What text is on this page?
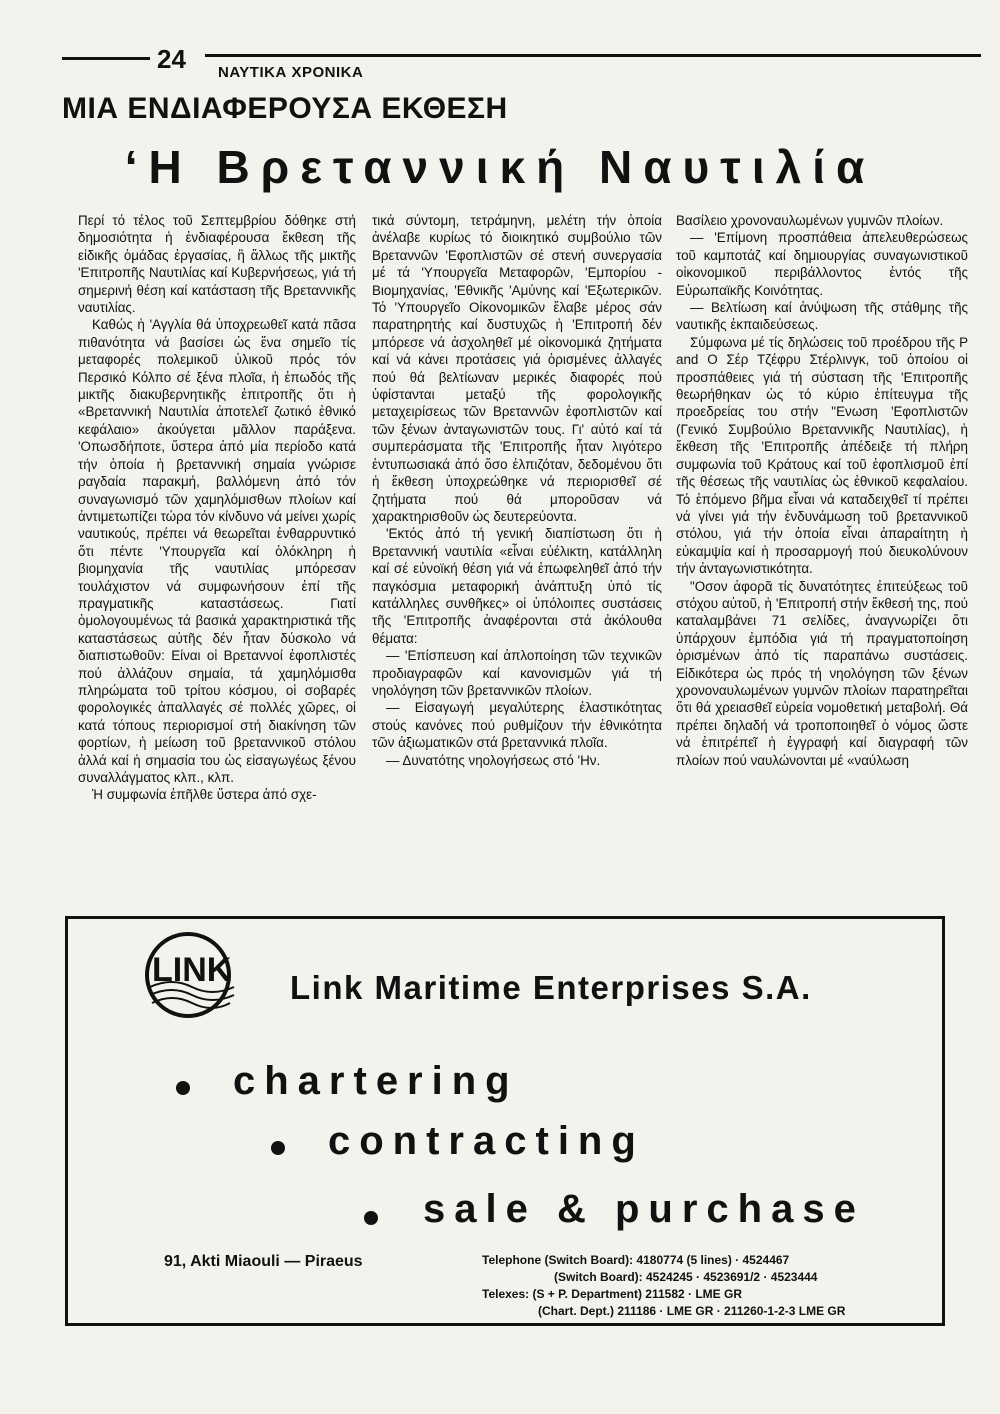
24 ΝΑΥΤΙΚΑ ΧΡΟΝΙΚΑ
ΜΙΑ ΕΝΔΙΑΦΕΡΟΥΣΑ ΕΚΘΕΣΗ
‘Η Βρεταννική Ναυτιλία

Περί τό τέλος τοῦ Σεπτεμβρίου δόθηκε στή δημοσιότητα ἡ ἐνδιαφέρουσα ἔκθεση τῆς εἰδικῆς ὁμάδας ἐργασίας, ἢ ἄλλως τῆς μικτῆς 'Επιτροπῆς Ναυτιλίας καί Κυβερνήσεως, γιά τή σημερινή θέση καί κατάσταση τῆς Βρεταννικῆς ναυτιλίας.

Καθώς ἡ 'Αγγλία θά ὑποχρεωθεῖ κατά πᾶσα πιθανότητα νά βασίσει ὡς ἕνα σημεῖο τίς μεταφορές πολεμικοῦ ὑλικοῦ πρός τόν Περσικό Κόλπο σέ ξένα πλοῖα, ἡ ἐπωδός τῆς μικτῆς διακυβερνητικῆς ἐπιτροπῆς ὅτι ἡ «Βρεταννική Ναυτιλία ἀποτελεῖ ζωτικό ἐθνικό κεφάλαιο» ἀκούγεται μᾶλλον παράξενα. 'Οπωσδήποτε, ὕστερα ἀπό μία περίοδο κατά τήν ὁποία ἡ βρεταννική σημαία γνώρισε ραγδαία παρακμή, βαλλόμενη ἀπό τόν συναγωνισμό τῶν χαμηλόμισθων πλοίων καί ἀντιμετωπίζει τώρα τόν κίνδυνο νά μείνει χωρίς ναυτικούς, πρέπει νά θεωρεῖται ἐνθαρρυντικό ὅτι πέντε 'Υπουργεῖα καί ὁλόκληρη ἡ βιομηχανία τῆς ναυτιλίας μπόρεσαν τουλάχιστον νά συμφωνήσουν ἐπί τῆς πραγματικῆς καταστάσεως. Γιατί ὁμολογουμένως τά βασικά χαρακτηριστικά τῆς καταστάσεως αὐτῆς δέν ἦταν δύσκολο νά διαπιστωθοῦν: Είναι οἱ Βρεταννοί ἐφοπλιστές πού ἀλλάζουν σημαία, τά χαμηλόμισθα πληρώματα τοῦ τρίτου κόσμου, οἱ σοβαρές φορολογικές ἀπαλλαγές σέ πολλές χῶρες, οἱ κατά τόπους περιορισμοί στή διακίνηση τῶν φορτίων, ἡ μείωση τοῦ βρεταννικοῦ στόλου ἀλλά καί ἡ σημασία του ὡς εἰσαγωγέως ξένου συναλλάγματος κλπ., κλπ.

Ἡ συμφωνία ἐπῆλθε ὕστερα ἀπό σχε-

τικά σύντομη, τετράμηνη, μελέτη τήν ὁποία ἀνέλαβε κυρίως τό διοικητικό συμβούλιο τῶν Βρεταννῶν 'Εφοπλιστῶν σέ στενή συνεργασία μέ τά 'Υπουργεῖα Μεταφορῶν, 'Εμπορίου - Βιομηχανίας, 'Εθνικῆς 'Αμύνης καί 'Εξωτερικῶν. Τό 'Υπουργεῖο Οἰκονομικῶν ἔλαβε μέρος σάν παρατηρητής καί δυστυχῶς ἡ 'Επιτροπή δέν μπόρεσε νά ἀσχοληθεῖ μέ οἰκονομικά ζητήματα καί νά κάνει προτάσεις γιά ὁρισμένες ἀλλαγές πού θά βελτίωναν μερικές διαφορές πού ὑφίστανται μεταξύ τῆς φορολογικῆς μεταχειρίσεως τῶν Βρεταννῶν ἐφοπλιστῶν καί τῶν ξένων ἀνταγωνιστῶν τους. Γι' αὐτό καί τά συμπεράσματα τῆς 'Επιτροπῆς ἦταν λιγότερο ἐντυπωσιακά ἀπό ὅσο ἐλπιζόταν, δεδομένου ὅτι ἡ ἔκθεση ὑποχρεώθηκε νά περιορισθεῖ σέ ζητήματα πού θά μποροῦσαν νά χαρακτηρισθοῦν ὡς δευτερεύοντα.

'Εκτός ἀπό τή γενική διαπίστωση ὅτι ἡ Βρεταννική ναυτιλία «εἶναι εὐέλικτη, κατάλληλη καί σέ εὐνοϊκή θέση γιά νά ἐπωφεληθεῖ ἀπό τήν παγκόσμια μεταφορική ἀνάπτυξη ὑπό τίς κατάλληλες συνθῆκες» οἱ ὑπόλοιπες συστάσεις τῆς 'Επιτροπῆς ἀναφέρονται στά ἀκόλουθα θέματα:

— 'Επίσπευση καί ἀπλοποίηση τῶν τεχνικῶν προδιαγραφῶν καί κανονισμῶν γιά τή νηολόγηση τῶν βρεταννικῶν πλοίων.

— Εἰσαγωγή μεγαλύτερης ἐλαστικότητας στούς κανόνες πού ρυθμίζουν τήν ἐθνικότητα τῶν ἀξιωματικῶν στά βρεταννικά πλοῖα.

— Δυνατότης νηολογήσεως στό 'Ην.

Βασίλειο χρονοναυλωμένων γυμνῶν πλοίων.

— 'Επίμονη προσπάθεια ἀπελευθερώσεως τοῦ καμποτάζ καί δημιουργίας συναγωνιστικοῦ οἰκονομικοῦ περιβάλλοντος ἐντός τῆς Εὐρωπαϊκῆς Κοινότητας.

— Βελτίωση καί ἀνύψωση τῆς στάθμης τῆς ναυτικῆς ἐκπαιδεύσεως.

Σύμφωνα μέ τίς δηλώσεις τοῦ προέδρου τῆς P and O Σέρ Τζέφρυ Στέρλινγκ, τοῦ ὁποίου οἱ προσπάθειες γιά τή σύσταση τῆς 'Επιτροπῆς θεωρήθηκαν ὡς τό κύριο ἐπίτευγμα τῆς προεδρείας του στήν "Ενωση 'Εφοπλιστῶν (Γενικό Συμβούλιο Βρεταννικῆς Ναυτιλίας), ἡ ἔκθεση τῆς 'Επιτροπῆς ἀπέδειξε τή πλήρη συμφωνία τοῦ Κράτους καί τοῦ ἐφοπλισμοῦ ἐπί τῆς θέσεως τῆς ναυτιλίας ὡς ἐθνικοῦ κεφαλαίου. Τό ἑπόμενο βῆμα εἶναι νά καταδειχθεῖ τί πρέπει νά γίνει γιά τήν ἐνδυνάμωση τοῦ βρεταννικοῦ στόλου, γιά τήν ὁποία εἶναι ἀπαραίτητη ἡ εὐκαμψία καί ἡ προσαρμογή πού διευκολύνουν τήν ἀνταγωνιστικότητα.

"Οσον ἀφορᾶ τίς δυνατότητες ἐπιτεύξεως τοῦ στόχου αὐτοῦ, ἡ 'Επιτροπή στήν ἔκθεσή της, πού καταλαμβάνει 71 σελίδες, ἀναγνωρίζει ὅτι ὑπάρχουν ἐμπόδια γιά τή πραγματοποίηση ὁρισμένων ἀπό τίς παραπάνω συστάσεις. Εἰδικότερα ὡς πρός τή νηολόγηση τῶν ξένων χρονοναυλωμένων γυμνῶν πλοίων παρατηρεῖται ὅτι θά χρειασθεῖ εὐρεία νομοθετική μεταβολή. Θά πρέπει δηλαδή νά τροποποιηθεῖ ὁ νόμος ὥστε νά ἐπιτρέπεῖ ἡ ἐγγραφή καί διαγραφή τῶν πλοίων πού ναυλώνονται μέ «ναύλωση

LINK Link Maritime Enterprises S.A.
chartering
contracting
sale & purchase
91, Akti Miaouli — Piraeus	Telephone (Switch Board): 4180774 (5 lines) · 4524467
(Switch Board): 4524245 · 4523691/2 · 4523444
Telexes: (S + P. Department) 211582 · LME GR
(Chart. Dept.) 211186 · LME GR · 211260-1-2-3 LME GR
